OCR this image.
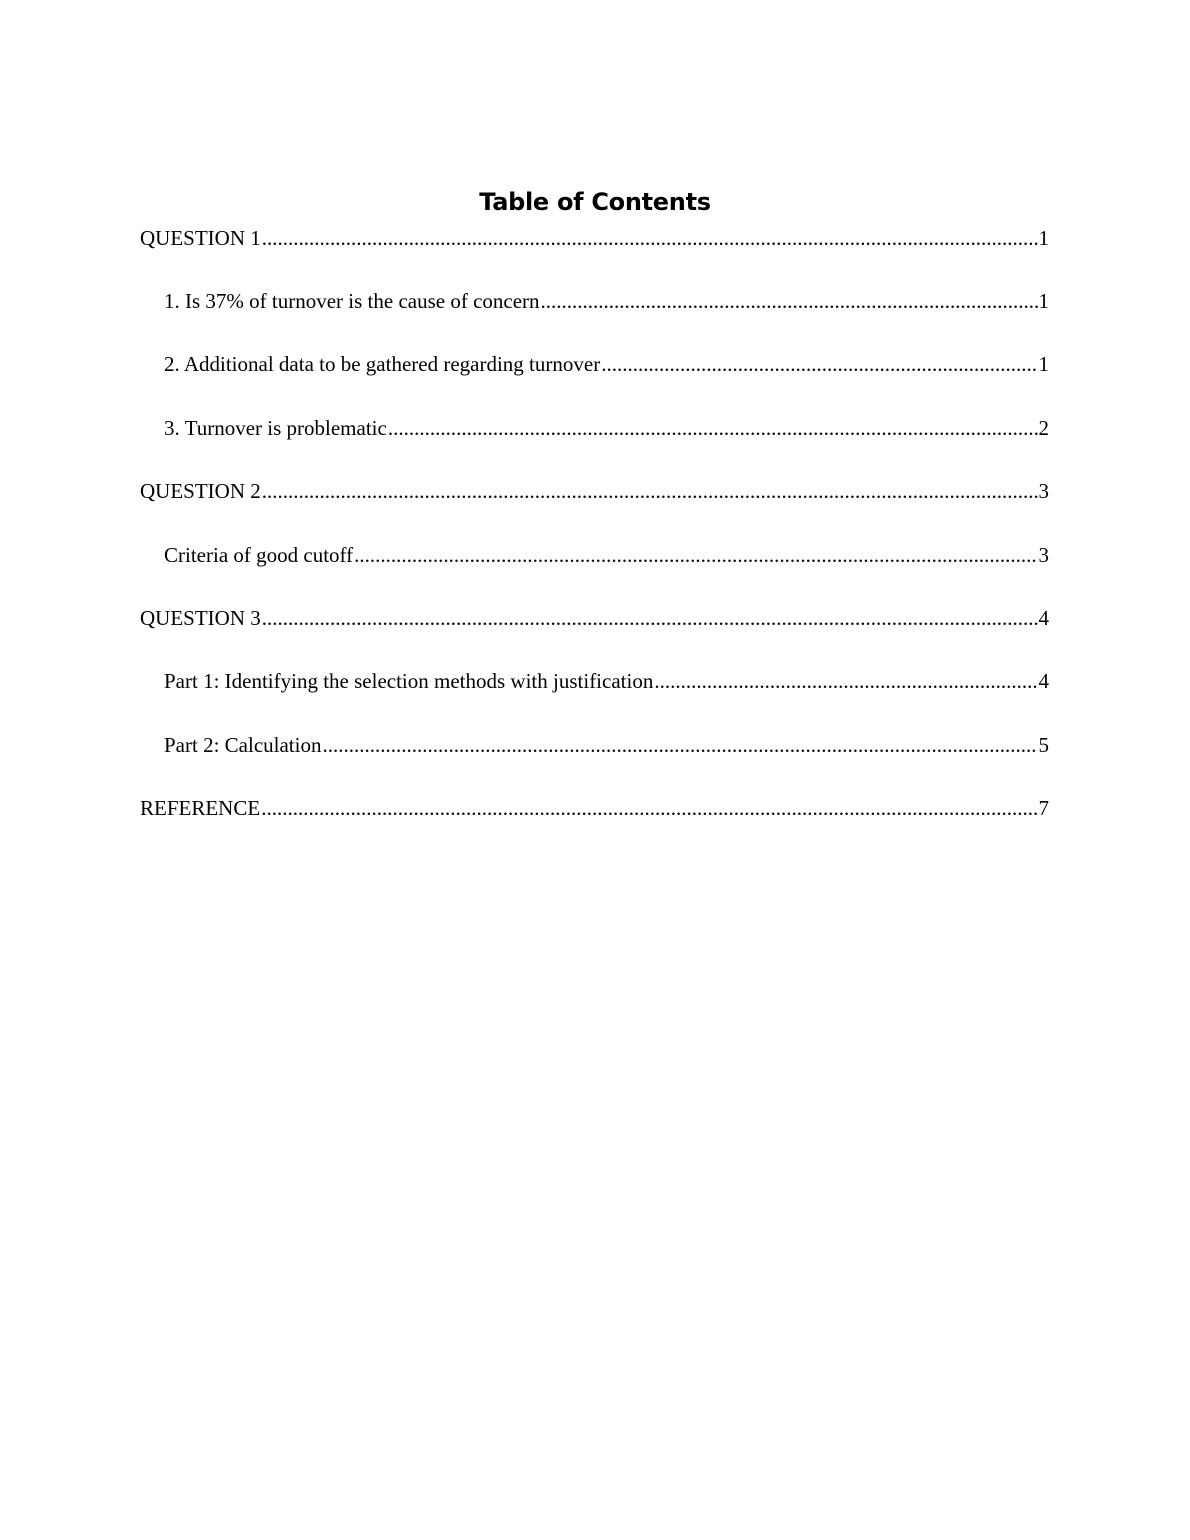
Table of Contents
QUESTION 1 .....	1
1. Is 37% of turnover is the cause of concern .....	1
2. Additional data to be gathered regarding turnover .....	1
3. Turnover is problematic .....	2
QUESTION 2 .....	3
Criteria of good cutoff .....	3
QUESTION 3 .....	4
Part 1: Identifying the selection methods with justification .....	4
Part 2: Calculation .....	5
REFERENCE .....	7
